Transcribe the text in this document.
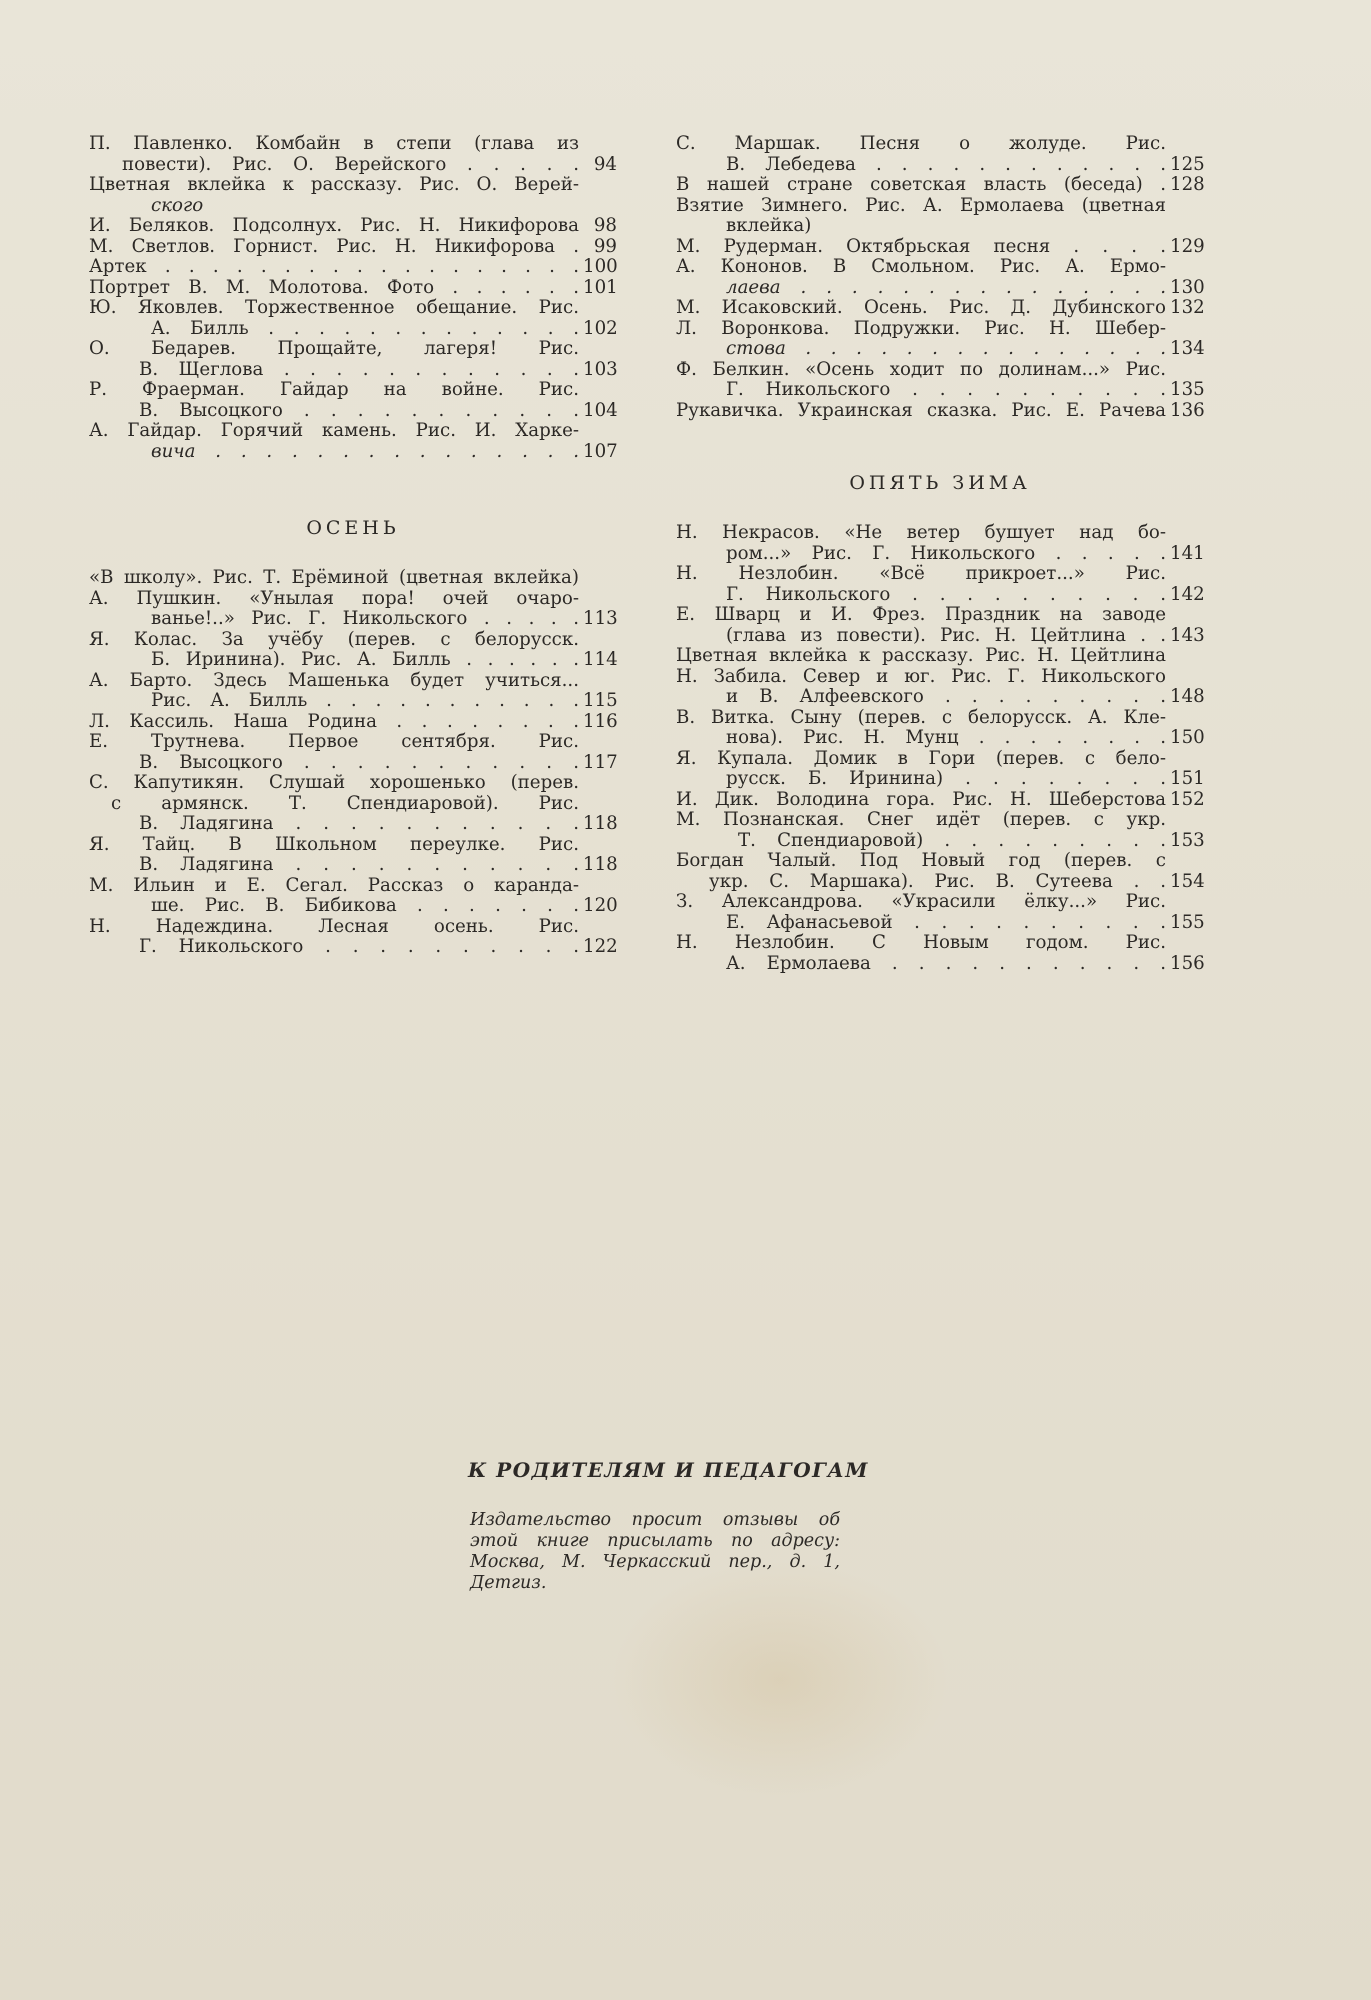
П. Павленко. Комбайн в степи (глава из
повести). Рис. О. Верейского . . . . . 94
Цветная вклейка к рассказу. Рис. О. Верей-
ского
И. Беляков. Подсолнух. Рис. Н. Никифорова 98
М. Светлов. Горнист. Рис. Н. Никифорова . 99
Артек . . . . . . . . . . . . . . . . . . 100
Портрет В. М. Молотова. Фото . . . . . . 101
Ю. Яковлев. Торжественное обещание. Рис.
А. Билль . . . . . . . . . . . . . 102
О. Бедарев. Прощайте, лагеря! Рис.
В. Щеглова . . . . . . . . . . . . 103
Р. Фраерман. Гайдар на войне. Рис.
В. Высоцкого . . . . . . . . . . . 104
А. Гайдар. Горячий камень. Рис. И. Харке-
вича . . . . . . . . . . . . . . . 107
ОСЕНЬ
«В школу». Рис. Т. Ерёминой (цветная вклейка)
А. Пушкин. «Унылая пора! очей очаро-
ванье!..» Рис. Г. Никольского . . . . . 113
Я. Колас. За учёбу (перев. с белорусск.
Б. Иринина). Рис. А. Билль . . . . . . 114
А. Барто. Здесь Машенька будет учиться...
Рис. А. Билль . . . . . . . . . . . 115
Л. Кассиль. Наша Родина . . . . . . . . 116
Е. Трутнева. Первое сентября. Рис.
В. Высоцкого . . . . . . . . . . . 117
С. Капутикян. Слушай хорошенько (перев.
с армянск. Т. Спендиаровой). Рис.
В. Ладягина . . . . . . . . . . . 118
Я. Тайц. В Школьном переулке. Рис.
В. Ладягина . . . . . . . . . . . 118
М. Ильин и Е. Сегал. Рассказ о каранда-
ше. Рис. В. Бибикова . . . . . . . 120
Н. Надеждина. Лесная осень. Рис.
Г. Никольского . . . . . . . . . . 122
С. Маршак. Песня о жолуде. Рис.
В. Лебедева . . . . . . . . . . . . 125
В нашей стране советская власть (беседа) . 128
Взятие Зимнего. Рис. А. Ермолаева (цветная
вклейка)
М. Рудерман. Октябрьская песня . . . . 129
А. Кононов. В Смольном. Рис. А. Ермо-
лаева . . . . . . . . . . . . . . . 130
М. Исаковский. Осень. Рис. Д. Дубинского 132
Л. Воронкова. Подружки. Рис. Н. Шебер-
стова . . . . . . . . . . . . . . . 134
Ф. Белкин. «Осень ходит по долинам...» Рис.
Г. Никольского . . . . . . . . . . 135
Рукавичка. Украинская сказка. Рис. Е. Рачева 136
ОПЯТЬ ЗИМА
Н. Некрасов. «Не ветер бушует над бо-
ром...» Рис. Г. Никольского . . . . . 141
Н. Незлобин. «Всё прикроет...» Рис.
Г. Никольского . . . . . . . . . . 142
Е. Шварц и И. Фрез. Праздник на заводе
(глава из повести). Рис. Н. Цейтлина . . 143
Цветная вклейка к рассказу. Рис. Н. Цейтлина
Н. Забила. Север и юг. Рис. Г. Никольского
и В. Алфеевского . . . . . . . . . 148
В. Витка. Сыну (перев. с белорусск. А. Кле-
нова). Рис. Н. Мунц . . . . . . . . 150
Я. Купала. Домик в Гори (перев. с бело-
русск. Б. Иринина) . . . . . . . . 151
И. Дик. Володина гора. Рис. Н. Шеберстова 152
М. Познанская. Снег идёт (перев. с укр.
Т. Спендиаровой) . . . . . . . . . 153
Богдан Чалый. Под Новый год (перев. с
укр. С. Маршака). Рис. В. Сутеева . . 154
З. Александрова. «Украсили ёлку...» Рис.
Е. Афанасьевой . . . . . . . . . . 155
Н. Незлобин. С Новым годом. Рис.
А. Ермолаева . . . . . . . . . . . 156
К РОДИТЕЛЯМ И ПЕДАГОГАМ
Издательство просит отзывы об этой книге присылать по адресу: Москва, М. Черкасский пер., д. 1, Детгиз.
